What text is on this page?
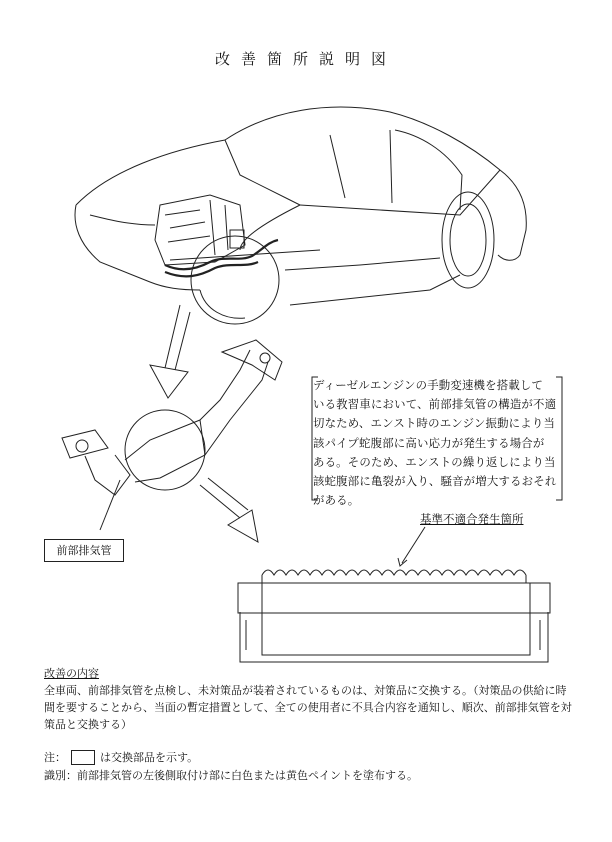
改善箇所説明図
ディーゼルエンジンの手動変速機を搭載して
いる教習車において、前部排気管の構造が不適
切なため、エンスト時のエンジン振動により当
該パイプ蛇腹部に高い応力が発生する場合が
ある。そのため、エンストの繰り返しにより当
該蛇腹部に亀裂が入り、騒音が増大するおそれ
がある。
前部排気管
基準不適合発生箇所
改善の内容
全車両、前部排気管を点検し、未対策品が装着されているものは、対策品に交換する。（対策品の供給に時
間を要することから、当面の暫定措置として、全ての使用者に不具合内容を通知し、順次、前部排気管を対
策品と交換する）
注：	は交換部品を示す。
識別：前部排気管の左後側取付け部に白色または黄色ペイントを塗布する。
